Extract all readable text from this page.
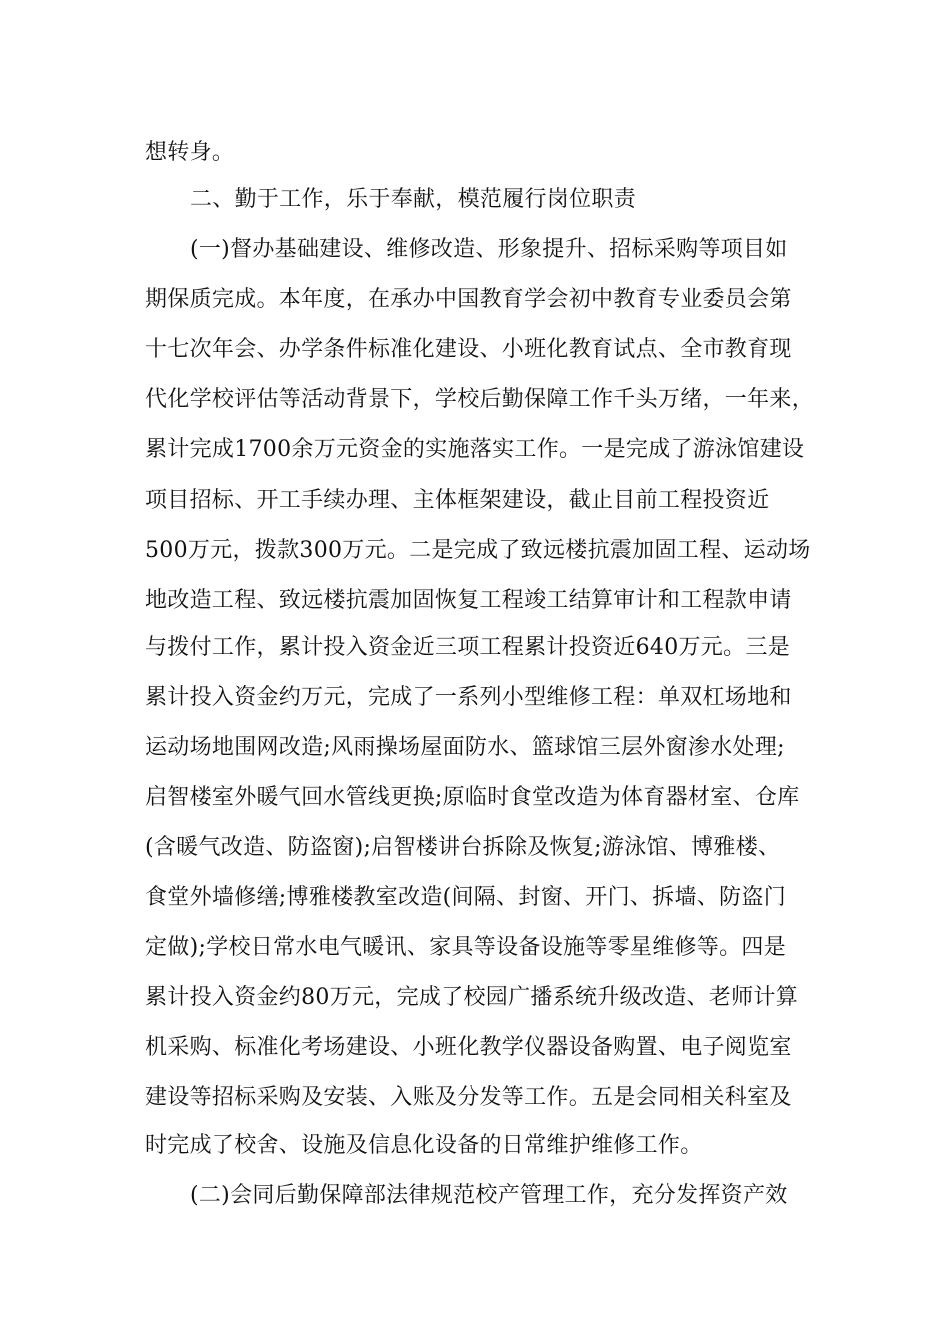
想转身。
二、勤于工作，乐于奉献，模范履行岗位职责
(一)督办基础建设、维修改造、形象提升、招标采购等项目如
期保质完成。本年度，在承办中国教育学会初中教育专业委员会第
十七次年会、办学条件标准化建设、小班化教育试点、全市教育现
代化学校评估等活动背景下，学校后勤保障工作千头万绪，一年来，
累计完成1700余万元资金的实施落实工作。一是完成了游泳馆建设
项目招标、开工手续办理、主体框架建设，截止目前工程投资近
500万元，拨款300万元。二是完成了致远楼抗震加固工程、运动场
地改造工程、致远楼抗震加固恢复工程竣工结算审计和工程款申请
与拨付工作，累计投入资金近三项工程累计投资近640万元。三是
累计投入资金约万元，完成了一系列小型维修工程：单双杠场地和
运动场地围网改造;风雨操场屋面防水、篮球馆三层外窗渗水处理;
启智楼室外暖气回水管线更换;原临时食堂改造为体育器材室、仓库
(含暖气改造、防盗窗);启智楼讲台拆除及恢复;游泳馆、博雅楼、
食堂外墙修缮;博雅楼教室改造(间隔、封窗、开门、拆墙、防盗门
定做);学校日常水电气暖讯、家具等设备设施等零星维修等。四是
累计投入资金约80万元，完成了校园广播系统升级改造、老师计算
机采购、标准化考场建设、小班化教学仪器设备购置、电子阅览室
建设等招标采购及安装、入账及分发等工作。五是会同相关科室及
时完成了校舍、设施及信息化设备的日常维护维修工作。
(二)会同后勤保障部法律规范校产管理工作，充分发挥资产效
